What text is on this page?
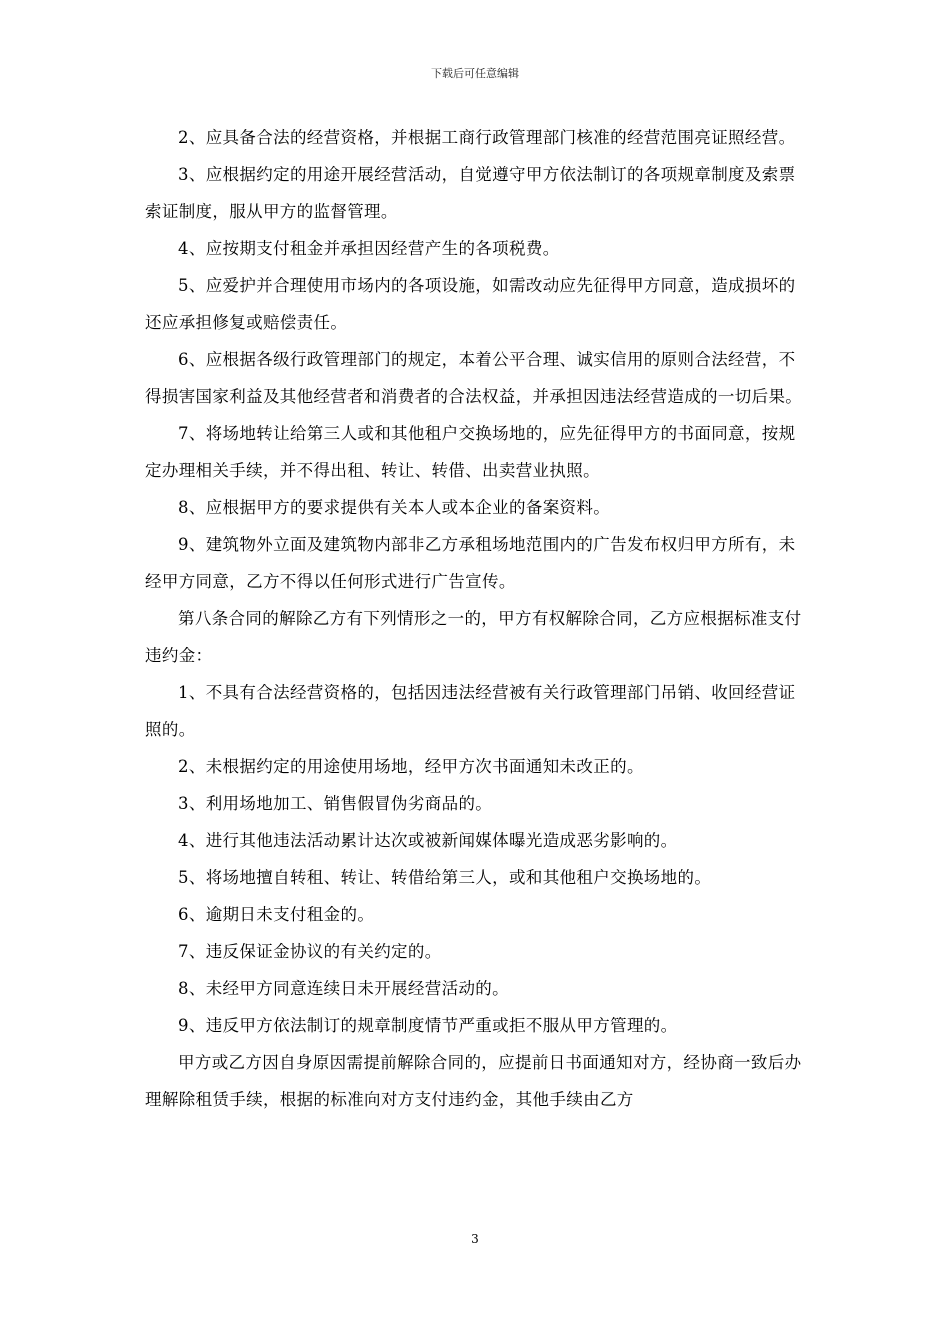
下载后可任意编辑

2、应具备合法的经营资格，并根据工商行政管理部门核准的经营范围亮证照经营。

3、应根据约定的用途开展经营活动，自觉遵守甲方依法制订的各项规章制度及索票索证制度，服从甲方的监督管理。

4、应按期支付租金并承担因经营产生的各项税费。

5、应爱护并合理使用市场内的各项设施，如需改动应先征得甲方同意，造成损坏的还应承担修复或赔偿责任。

6、应根据各级行政管理部门的规定，本着公平合理、诚实信用的原则合法经营，不得损害国家利益及其他经营者和消费者的合法权益，并承担因违法经营造成的一切后果。

7、将场地转让给第三人或和其他租户交换场地的，应先征得甲方的书面同意，按规定办理相关手续，并不得出租、转让、转借、出卖营业执照。

8、应根据甲方的要求提供有关本人或本企业的备案资料。

9、建筑物外立面及建筑物内部非乙方承租场地范围内的广告发布权归甲方所有，未经甲方同意，乙方不得以任何形式进行广告宣传。

第八条合同的解除乙方有下列情形之一的，甲方有权解除合同，乙方应根据标准支付违约金：

1、不具有合法经营资格的，包括因违法经营被有关行政管理部门吊销、收回经营证照的。

2、未根据约定的用途使用场地，经甲方次书面通知未改正的。

3、利用场地加工、销售假冒伪劣商品的。

4、进行其他违法活动累计达次或被新闻媒体曝光造成恶劣影响的。

5、将场地擅自转租、转让、转借给第三人，或和其他租户交换场地的。

6、逾期日未支付租金的。

7、违反保证金协议的有关约定的。

8、未经甲方同意连续日未开展经营活动的。

9、违反甲方依法制订的规章制度情节严重或拒不服从甲方管理的。

甲方或乙方因自身原因需提前解除合同的，应提前日书面通知对方，经协商一致后办理解除租赁手续，根据的标准向对方支付违约金，其他手续由乙方

3
